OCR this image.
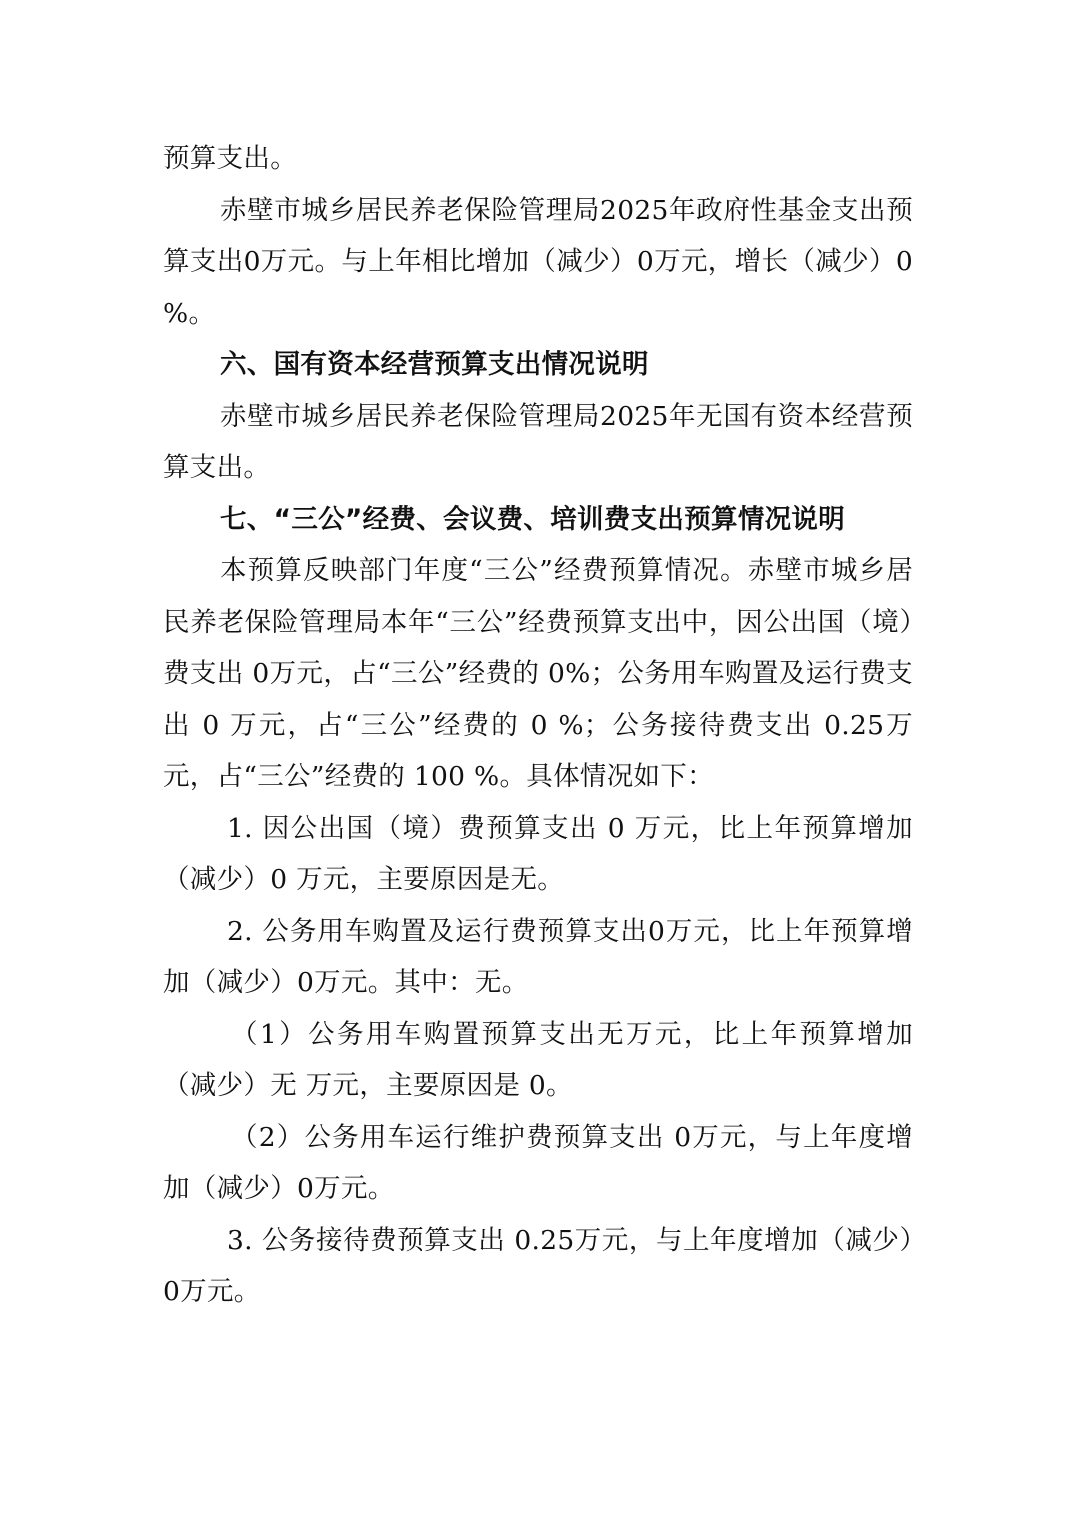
预算支出。

赤壁市城乡居民养老保险管理局2025年政府性基金支出预算支出0万元。与上年相比增加（减少）0万元，增长（减少）0 %。

六、国有资本经营预算支出情况说明

赤壁市城乡居民养老保险管理局2025年无国有资本经营预算支出。

七、“三公”经费、会议费、培训费支出预算情况说明

本预算反映部门年度“三公”经费预算情况。赤壁市城乡居民养老保险管理局本年“三公”经费预算支出中，因公出国（境）费支出 0万元，占“三公”经费的 0%；公务用车购置及运行费支出 0 万元，占“三公”经费的 0 %；公务接待费支出 0.25万元，占“三公”经费的 100 %。具体情况如下：

1. 因公出国（境）费预算支出 0 万元，比上年预算增加（减少）0 万元，主要原因是无。

2. 公务用车购置及运行费预算支出0万元，比上年预算增加（减少）0万元。其中：无。

（1）公务用车购置预算支出无万元，比上年预算增加（减少）无 万元，主要原因是 0。

（2）公务用车运行维护费预算支出 0万元，与上年度增加（减少）0万元。

3. 公务接待费预算支出 0.25万元，与上年度增加（减少）0万元。
